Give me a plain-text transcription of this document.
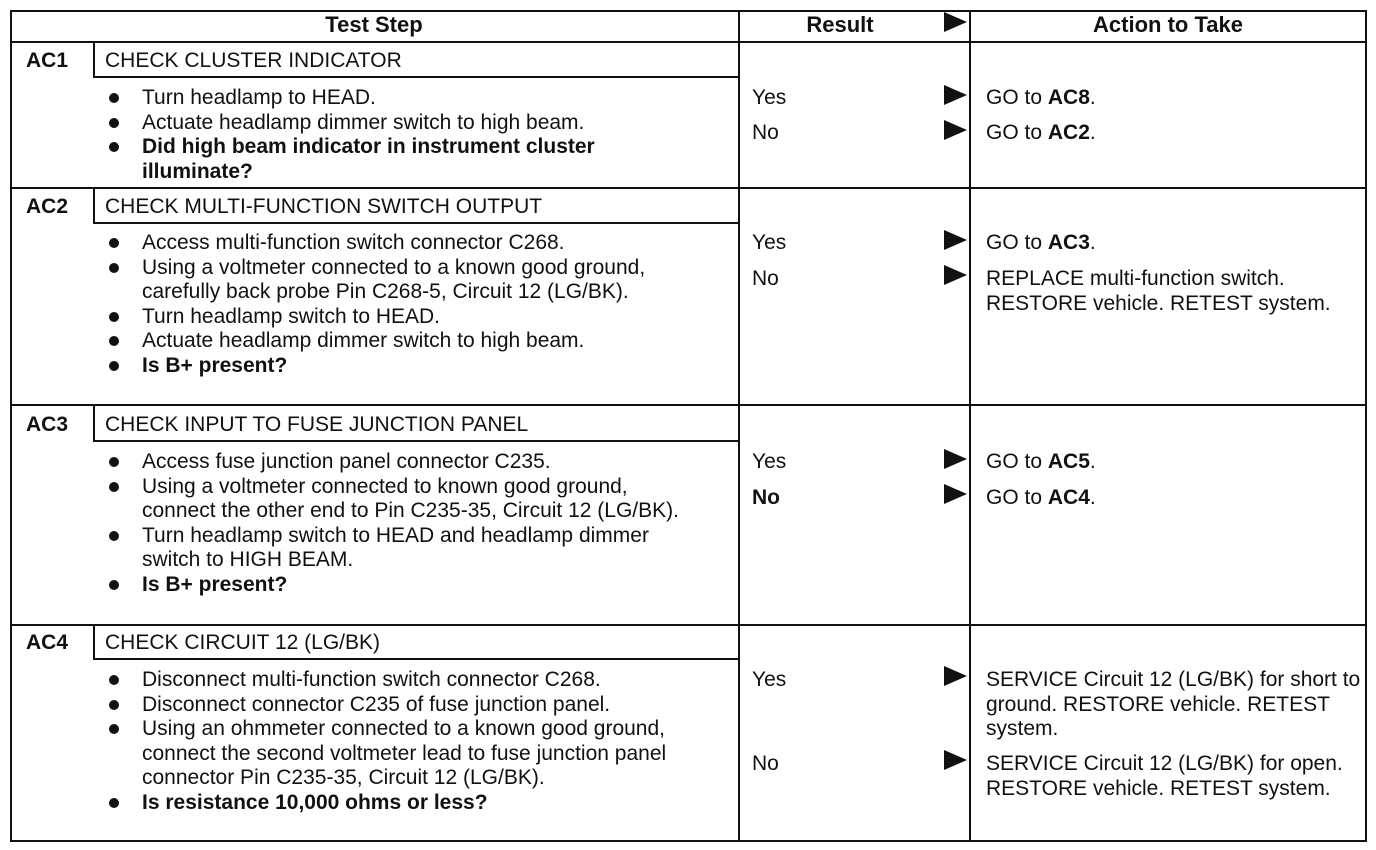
Test Step	Result	Action to Take
AC1 CHECK CLUSTER INDICATOR
Turn headlamp to HEAD.
Actuate headlamp dimmer switch to high beam.
Did high beam indicator in instrument cluster illuminate?
Yes	GO to AC8.
No	GO to AC2.
AC2 CHECK MULTI-FUNCTION SWITCH OUTPUT
Access multi-function switch connector C268.
Using a voltmeter connected to a known good ground, carefully back probe Pin C268-5, Circuit 12 (LG/BK).
Turn headlamp switch to HEAD.
Actuate headlamp dimmer switch to high beam.
Is B+ present?
Yes	GO to AC3.
No	REPLACE multi-function switch. RESTORE vehicle. RETEST system.
AC3 CHECK INPUT TO FUSE JUNCTION PANEL
Access fuse junction panel connector C235.
Using a voltmeter connected to known good ground, connect the other end to Pin C235-35, Circuit 12 (LG/BK).
Turn headlamp switch to HEAD and headlamp dimmer switch to HIGH BEAM.
Is B+ present?
Yes	GO to AC5.
No	GO to AC4.
AC4 CHECK CIRCUIT 12 (LG/BK)
Disconnect multi-function switch connector C268.
Disconnect connector C235 of fuse junction panel.
Using an ohmmeter connected to a known good ground, connect the second voltmeter lead to fuse junction panel connector Pin C235-35, Circuit 12 (LG/BK).
Is resistance 10,000 ohms or less?
Yes	SERVICE Circuit 12 (LG/BK) for short to ground. RESTORE vehicle. RETEST system.
No	SERVICE Circuit 12 (LG/BK) for open. RESTORE vehicle. RETEST system.
